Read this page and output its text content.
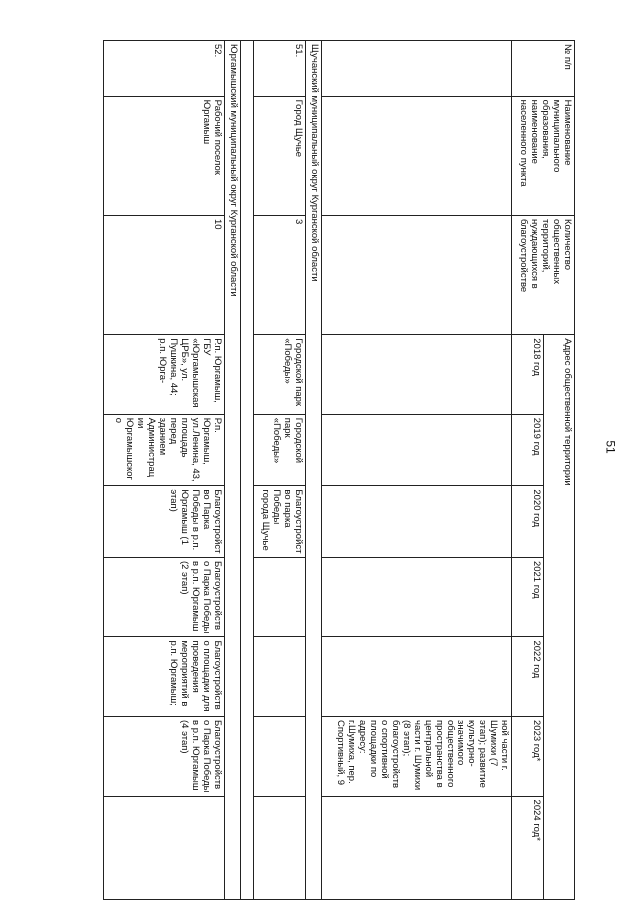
51
№ п/п	Наименование муниципального образования, наименование населенного пункта	Количество общественных территорий, нуждающихся в благоустройстве	Адрес общественной территории						
			2018 год	2019 год	2020 год	2021 год	2022 год	2023 год*	2024 год*
								ной части г. Шумихи (7 этап); развитие культурно-значимого общественного пространства в центральной части г. Шумихи (8 этап); благоустройство спортивной площадки по адресу: г.Шумиха, пер. Спортивный, 9	
Щучанский муниципальный округ Курганской области									
51.	Город Щучье	3	Городской парк «Победы»	Городской парк «Победы»	Благоустройство парка Победы города Щучье				

Юргамышский муниципальный округ Курганской области									
52.	Рабочий поселок Юргамыш	10	Р.п. Юргамыш, ГБУ «Юргамышская ЦРБ», ул. Пушкина, 44; р.п. Юрга-	Р.п. Юргамыш, ул.Ленина, 43, площадь перед зданием Администрации Юргамышского	Благоустройство Парка Победы в р.п. Юргамыш (1 этап)	Благоустройство Парка Победы в р.п. Юргамыш (2 этап)	Благоустройство площадки для проведения мероприятий в р.п. Юргамыш;	Благоустройство Парка Победы в р.п. Юргамыш (4 этап)	
